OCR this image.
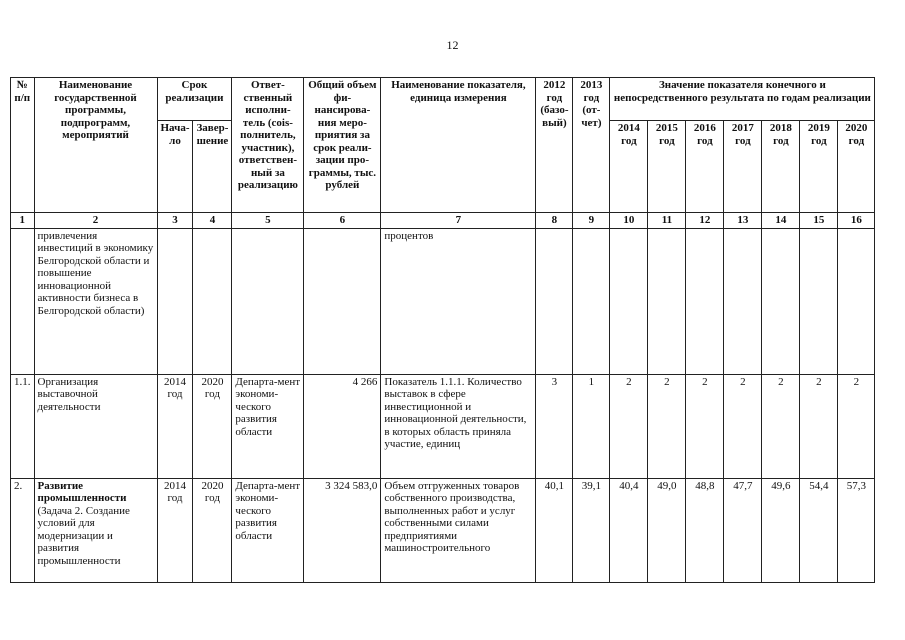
12
№ п/п	Наименование государственной программы, подпрограмм, мероприятий	Срок реализации		Ответ-ственный исполни-тель (сois-полнитель, участник), ответствен-ный за реализацию	Общий объем фи-нансирова-ния меро-приятия за срок реали-зации про-граммы, тыс. рублей	Наименование показателя, единица измерения	2012 год (базо-вый)	2013 год (от-чет)	Значение показателя конечного и непосредственного результата по годам реализации						
		Нача-ло	Завер-шение						2014 год	2015 год	2016 год	2017 год	2018 год	2019 год	2020 год
1	2	3	4	5	6	7	8	9	10	11	12	13	14	15	16
	привлечения инвестиций в экономику Белгородской области и повышение инновационной активности бизнеса в Белгородской области)					процентов									
1.1.	Организация выставочной деятельности	2014 год	2020 год	Департа-мент экономи-ческого развития области	4 266	Показатель 1.1.1. Количество выставок в сфере инвестиционной и инновационной деятельности, в которых область приняла участие, единиц	3	1	2	2	2	2	2	2	2
2.	Развитие промышленности (Задача 2. Создание условий для модернизации и развития промышленности	2014 год	2020 год	Департа-мент экономи-ческого развития области	3 324 583,0	Объем отгруженных товаров собственного производства, выполненных работ и услуг собственными силами предприятиями машиностроительного	40,1	39,1	40,4	49,0	48,8	47,7	49,6	54,4	57,3
